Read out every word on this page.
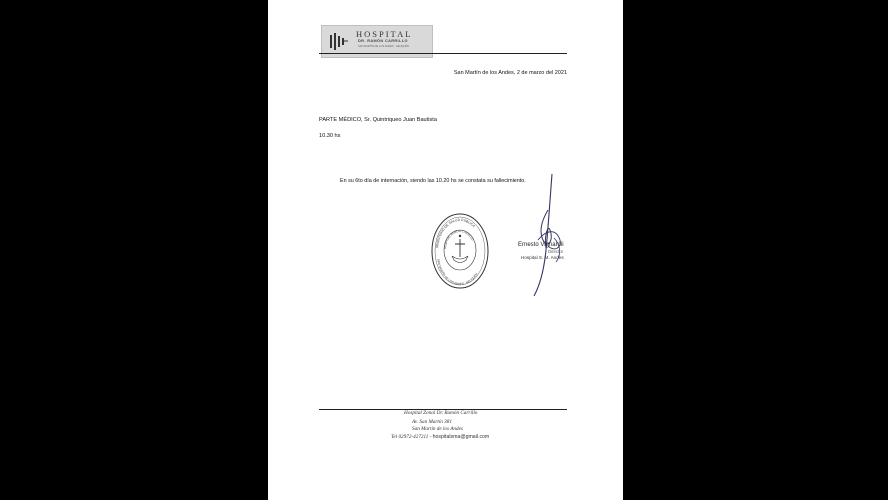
HOSPITAL
DR. RAMÓN CARRILLO
SAN MARTÍN DE LOS ANDES · NEUQUÉN
San Martín de los Andes, 2 de marzo del 2021
PARTE MÉDICO, Sr. Quintriqueo Juan Bautista
10.30 hs
En su 6to día de internación, siendo las 10.20 hs se constata su fallecimiento.
MINISTERIO DE SALUD PÚBLICA
HOSPITAL RAMÓN CARRILLO
SAN MARTÍN DE LOS ANDES - NEUQUÉN
Ernesto Vignaroli
Director
Hospital S. M. Andes
Hospital Zonal Dr. Ramón Carrillo
Av. San Martín 381
San Martín de los Andes
Tel 02972-427211 - hospitalsma@gmail.com
